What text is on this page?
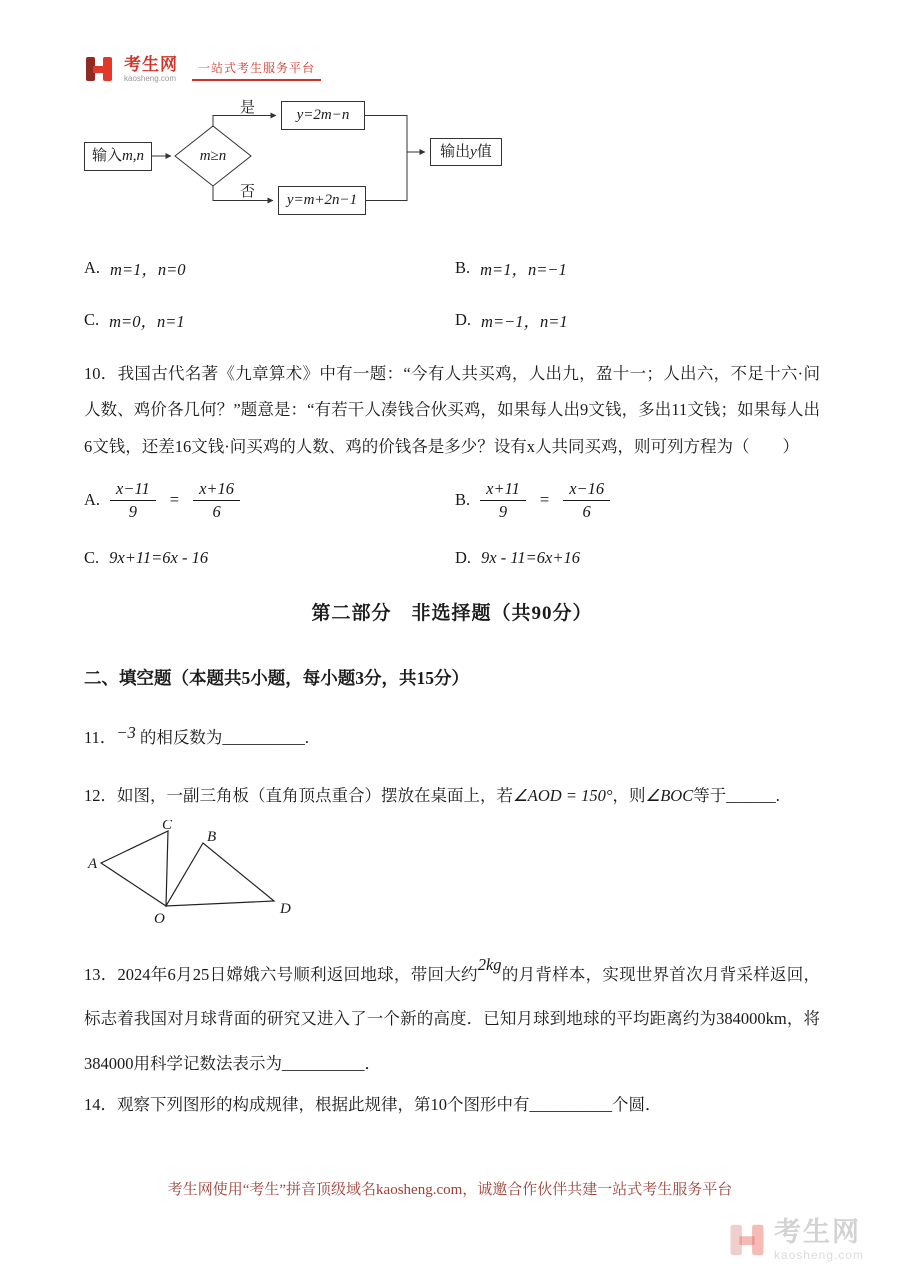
考生网
kaosheng.com
一站式考生服务平台
输入m,n	m≥n
是
否
y=2m−n
y=m+2n−1
输出y值
A. m=1，n=0	B. m=1，n=−1
C. m=0，n=1	D. m=−1，n=1
10．我国古代名著《九章算术》中有一题：“今有人共买鸡，人出九，盈十一；人出六，不足十六·问人数、鸡价各几何？”题意是：“有若干人凑钱合伙买鸡，如果每人出9文钱，多出11文钱；如果每人出6文钱，还差16文钱·问买鸡的人数、鸡的价钱各是多少？设有x人共同买鸡，则可列方程为（　　）
A. $\frac{x-11}{9} = \frac{x+16}{6}$	B. $\frac{x+11}{9} = \frac{x-16}{6}$
C. 9x+11=6x - 16	D. 9x - 11=6x+16
第二部分　非选择题（共90分）
二、填空题（本题共5小题，每小题3分，共15分）
11．−3 的相反数为__________.
12．如图，一副三角板（直角顶点重合）摆放在桌面上，若∠AOD = 150°，则∠BOC等于______.
A
C
B
O
D
13．2024年6月25日嫦娥六号顺利返回地球，带回大约2kg的月背样本，实现世界首次月背采样返回，标志着我国对月球背面的研究又进入了一个新的高度．已知月球到地球的平均距离约为384000km，将384000用科学记数法表示为__________．
14．观察下列图形的构成规律，根据此规律，第10个图形中有__________个圆．
考生网使用“考生”拼音顶级域名kaosheng.com，诚邀合作伙伴共建一站式考生服务平台
考生网
kaosheng.com
